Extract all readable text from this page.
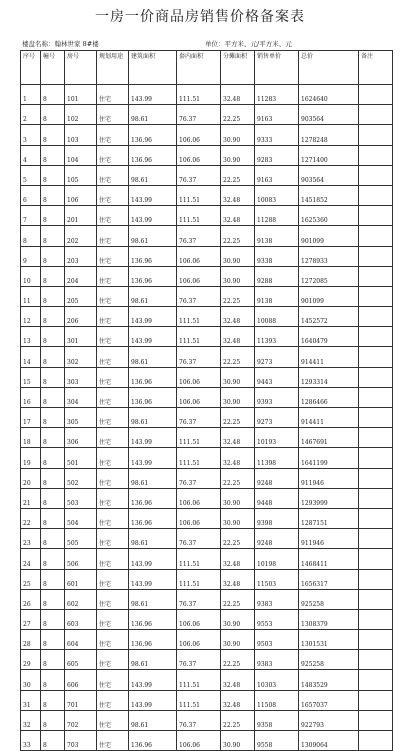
一房一价商品房销售价格备案表
楼盘名称：翰林世家 8#楼	单位：平方米、元/平方米、元
序号	幢号	房号	规划用途	建筑面积	套内面积	分摊面积	销售单价	总价	备注
1	8	101	住宅	143.99	111.51	32.48	11283	1624640	
2	8	102	住宅	98.61	76.37	22.25	9163	903564	
3	8	103	住宅	136.96	106.06	30.90	9333	1278248	
4	8	104	住宅	136.96	106.06	30.90	9283	1271400	
5	8	105	住宅	98.61	76.37	22.25	9163	903564	
6	8	106	住宅	143.99	111.51	32.48	10083	1451852	
7	8	201	住宅	143.99	111.51	32.48	11288	1625360	
8	8	202	住宅	98.61	76.37	22.25	9138	901099	
9	8	203	住宅	136.96	106.06	30.90	9338	1278933	
10	8	204	住宅	136.96	106.06	30.90	9288	1272085	
11	8	205	住宅	98.61	76.37	22.25	9138	901099	
12	8	206	住宅	143.99	111.51	32.48	10088	1452572	
13	8	301	住宅	143.99	111.51	32.48	11393	1640479	
14	8	302	住宅	98.61	76.37	22.25	9273	914411	
15	8	303	住宅	136.96	106.06	30.90	9443	1293314	
16	8	304	住宅	136.96	106.06	30.90	9393	1286466	
17	8	305	住宅	98.61	76.37	22.25	9273	914411	
18	8	306	住宅	143.99	111.51	32.48	10193	1467691	
19	8	501	住宅	143.99	111.51	32.48	11398	1641199	
20	8	502	住宅	98.61	76.37	22.25	9248	911946	
21	8	503	住宅	136.96	106.06	30.90	9448	1293999	
22	8	504	住宅	136.96	106.06	30.90	9398	1287151	
23	8	505	住宅	98.61	76.37	22.25	9248	911946	
24	8	506	住宅	143.99	111.51	32.48	10198	1468411	
25	8	601	住宅	143.99	111.51	32.48	11503	1656317	
26	8	602	住宅	98.61	76.37	22.25	9383	925258	
27	8	603	住宅	136.96	106.06	30.90	9553	1308379	
28	8	604	住宅	136.96	106.06	30.90	9503	1301531	
29	8	605	住宅	98.61	76.37	22.25	9383	925258	
30	8	606	住宅	143.99	111.51	32.48	10303	1483529	
31	8	701	住宅	143.99	111.51	32.48	11508	1657037	
32	8	702	住宅	98.61	76.37	22.25	9358	922793	
33	8	703	住宅	136.96	106.06	30.90	9558	1309064	
